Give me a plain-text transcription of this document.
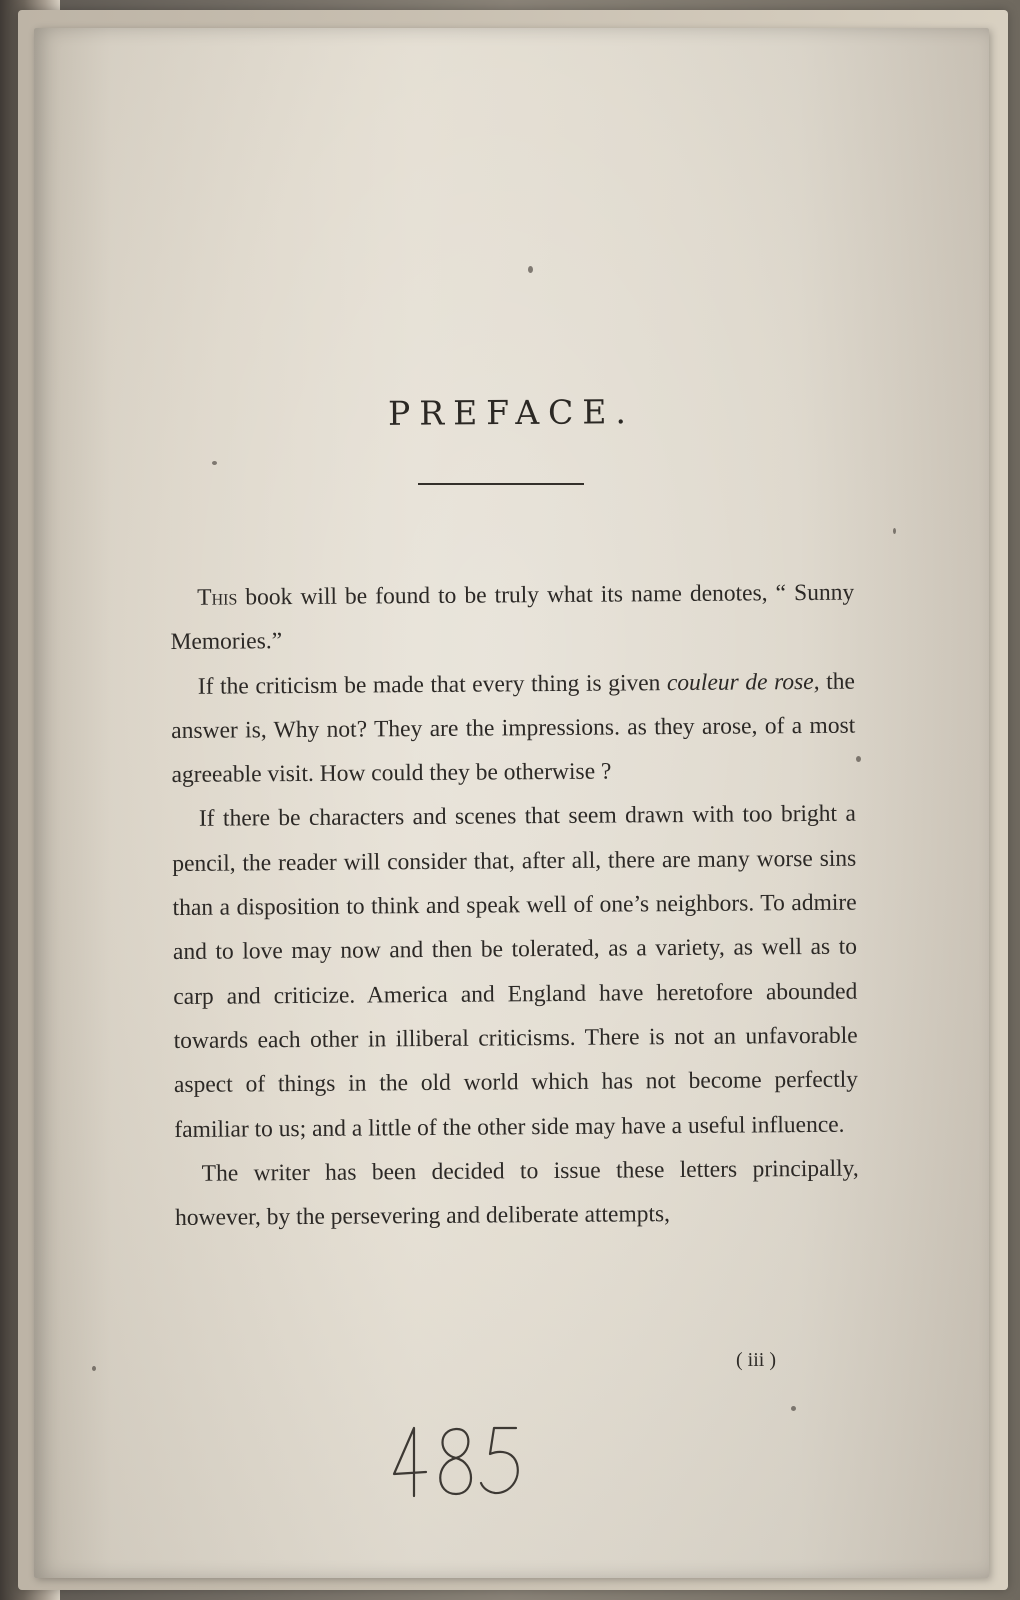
PREFACE.

This book will be found to be truly what its name denotes, “ Sunny Memories.”

If the criticism be made that every thing is given couleur de rose, the answer is, Why not? They are the impressions. as they arose, of a most agreeable visit. How could they be otherwise ?

If there be characters and scenes that seem drawn with too bright a pencil, the reader will consider that, after all, there are many worse sins than a disposition to think and speak well of one’s neighbors. To admire and to love may now and then be tolerated, as a variety, as well as to carp and criticize. America and England have heretofore abounded towards each other in illiberal criticisms. There is not an unfavorable aspect of things in the old world which has not become perfectly familiar to us; and a little of the other side may have a useful influence.

The writer has been decided to issue these letters principally, however, by the persevering and deliberate attempts,

( iii )
